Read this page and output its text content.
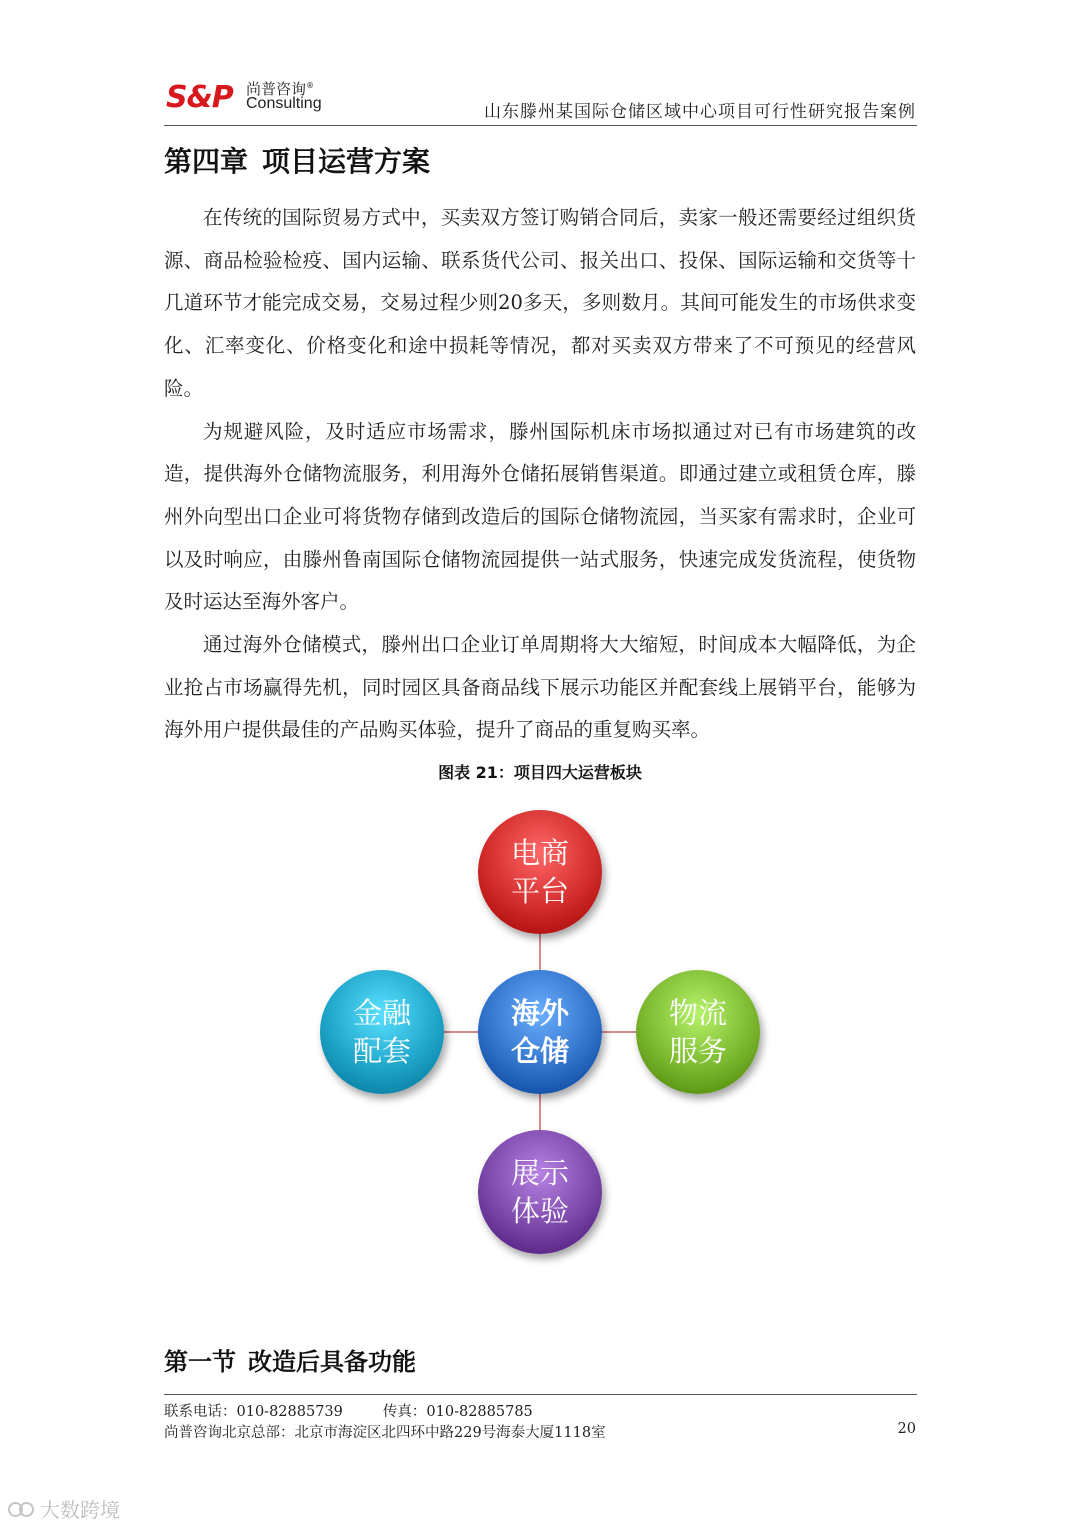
S&P 尚普咨询®
Consulting	山东滕州某国际仓储区域中心项目可行性研究报告案例
第四章 项目运营方案

在传统的国际贸易方式中，买卖双方签订购销合同后，卖家一般还需要经过组织货源、商品检验检疫、国内运输、联系货代公司、报关出口、投保、国际运输和交货等十几道环节才能完成交易，交易过程少则20多天，多则数月。其间可能发生的市场供求变化、汇率变化、价格变化和途中损耗等情况，都对买卖双方带来了不可预见的经营风险。

为规避风险，及时适应市场需求，滕州国际机床市场拟通过对已有市场建筑的改造，提供海外仓储物流服务，利用海外仓储拓展销售渠道。即通过建立或租赁仓库，滕州外向型出口企业可将货物存储到改造后的国际仓储物流园，当买家有需求时，企业可以及时响应，由滕州鲁南国际仓储物流园提供一站式服务，快速完成发货流程，使货物及时运达至海外客户。

通过海外仓储模式，滕州出口企业订单周期将大大缩短，时间成本大幅降低，为企业抢占市场赢得先机，同时园区具备商品线下展示功能区并配套线上展销平台，能够为海外用户提供最佳的产品购买体验，提升了商品的重复购买率。

图表 21：项目四大运营板块
电商平台
金融配套
海外仓储
物流服务
展示体验
第一节 改造后具备功能
联系电话：010-82885739	传真：010-82885785
尚普咨询北京总部：北京市海淀区北四环中路229号海泰大厦1118室	20
大数跨境
